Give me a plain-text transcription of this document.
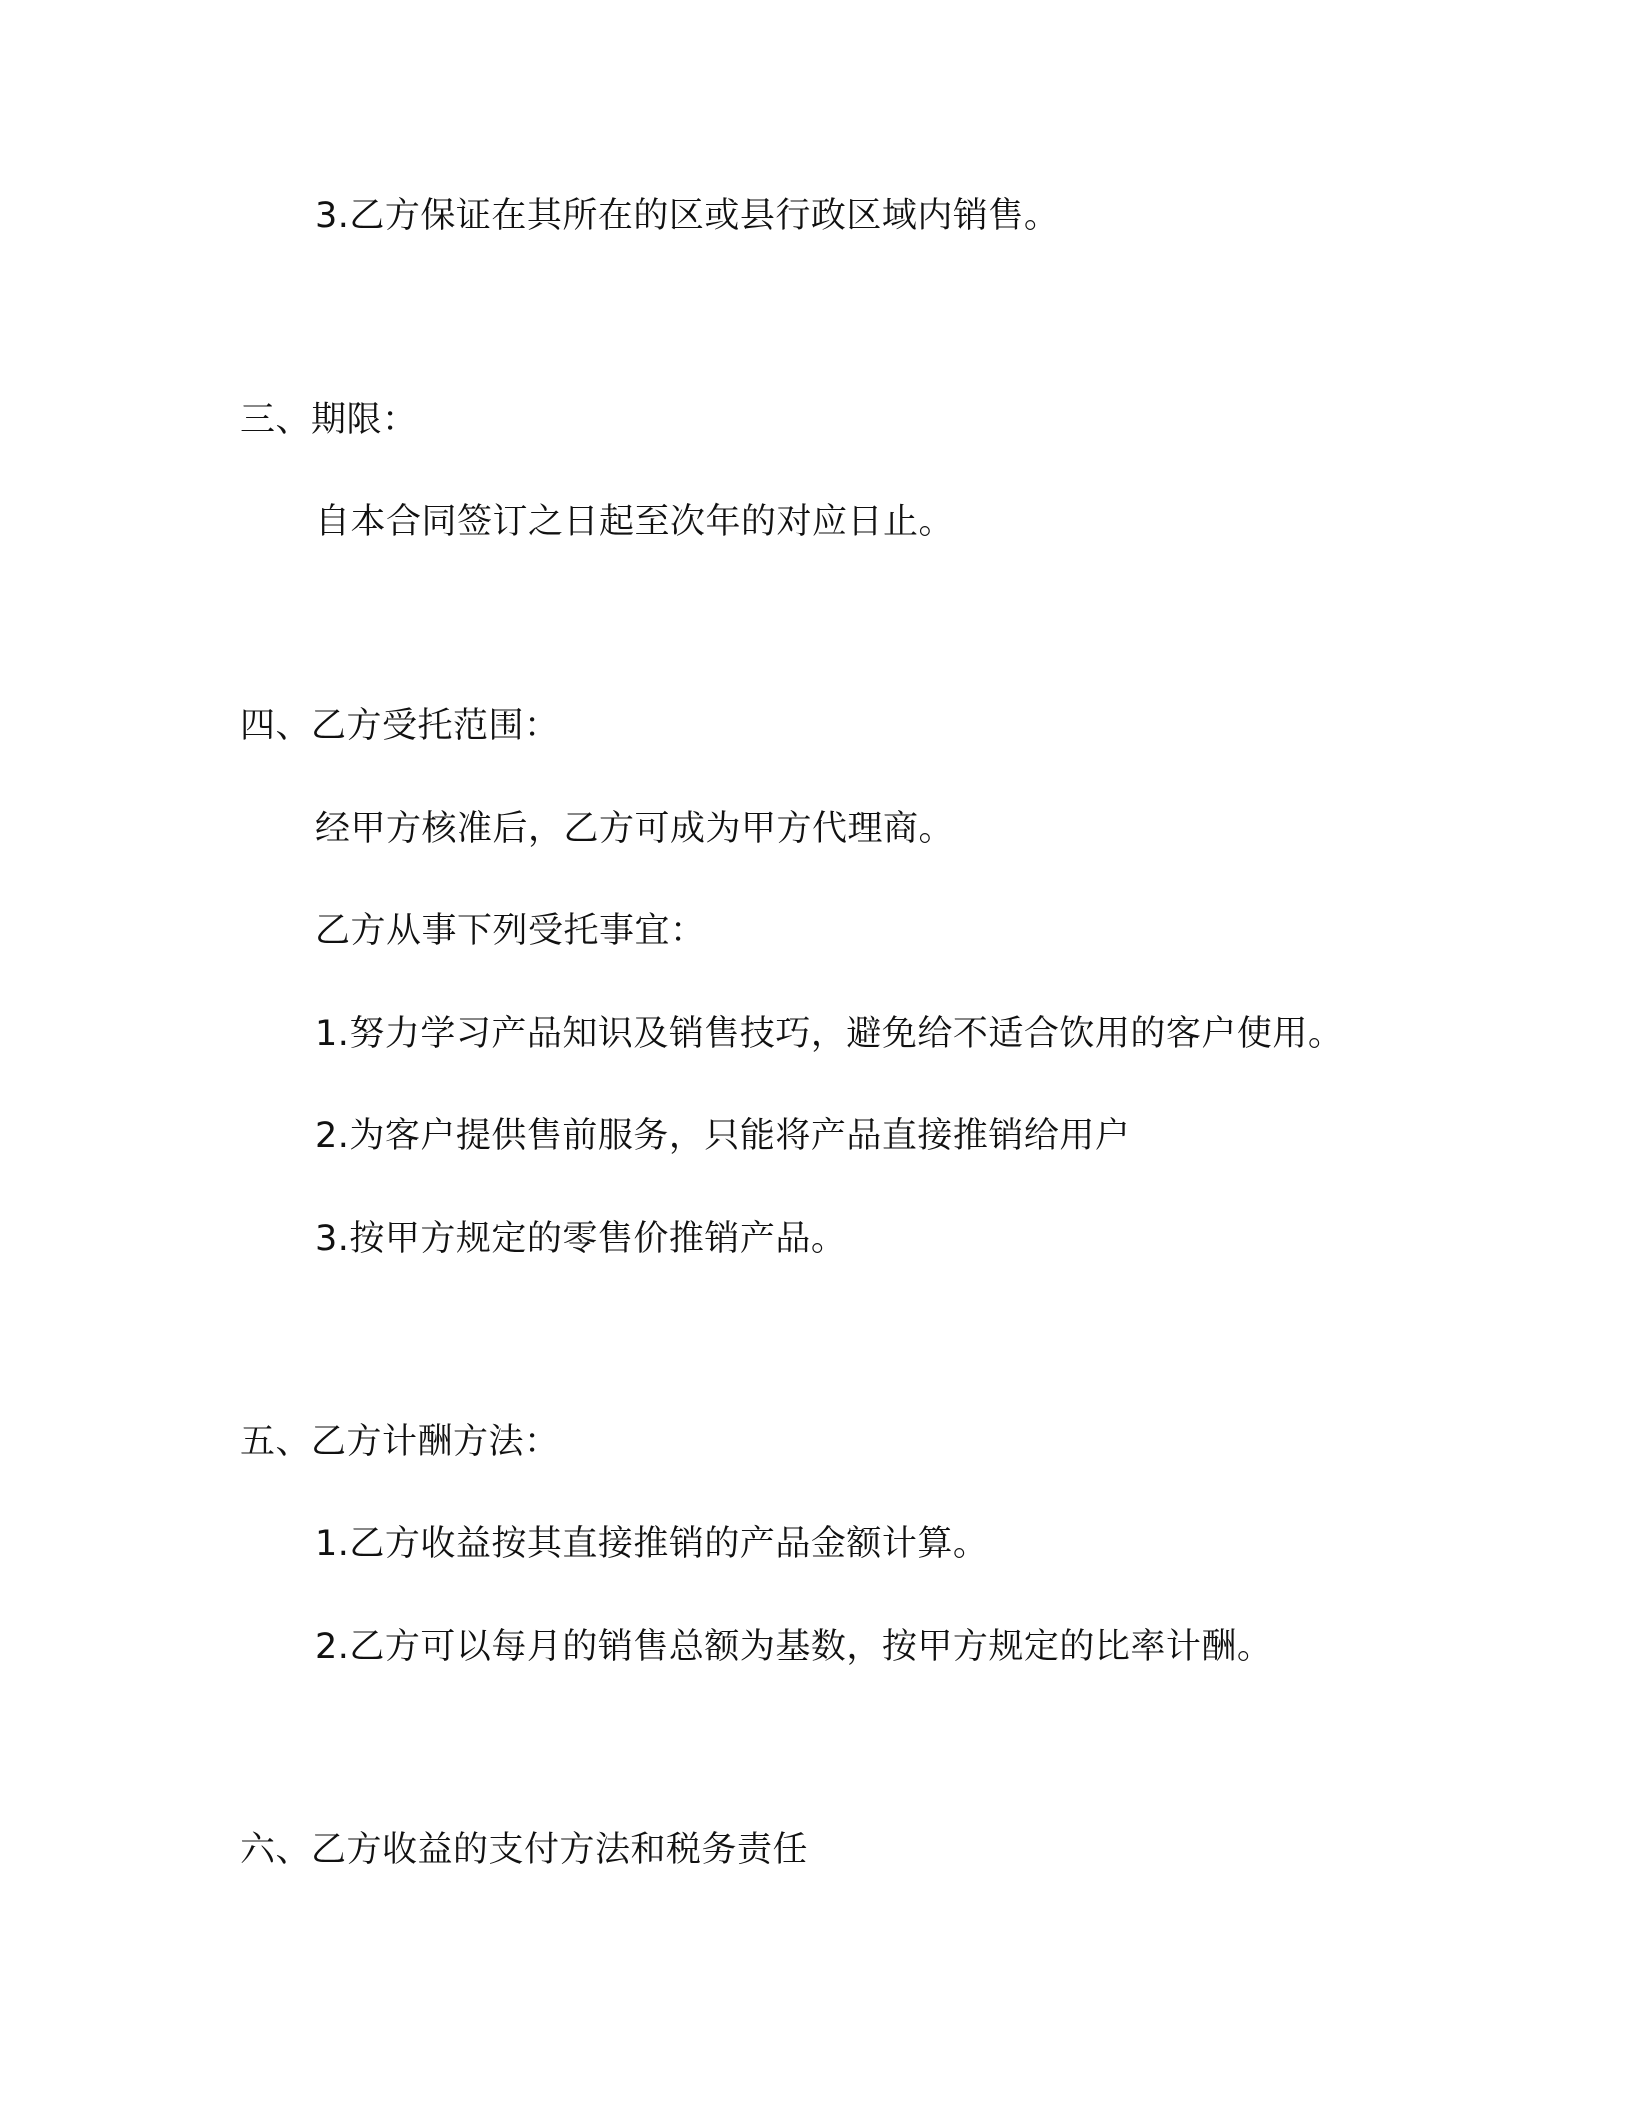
3.乙方保证在其所在的区或县行政区域内销售。
三、期限：
自本合同签订之日起至次年的对应日止。
四、乙方受托范围：
经甲方核准后，乙方可成为甲方代理商。
乙方从事下列受托事宜：
1.努力学习产品知识及销售技巧，避免给不适合饮用的客户使用。
2.为客户提供售前服务，只能将产品直接推销给用户
3.按甲方规定的零售价推销产品。
五、乙方计酬方法：
1.乙方收益按其直接推销的产品金额计算。
2.乙方可以每月的销售总额为基数，按甲方规定的比率计酬。
六、乙方收益的支付方法和税务责任
